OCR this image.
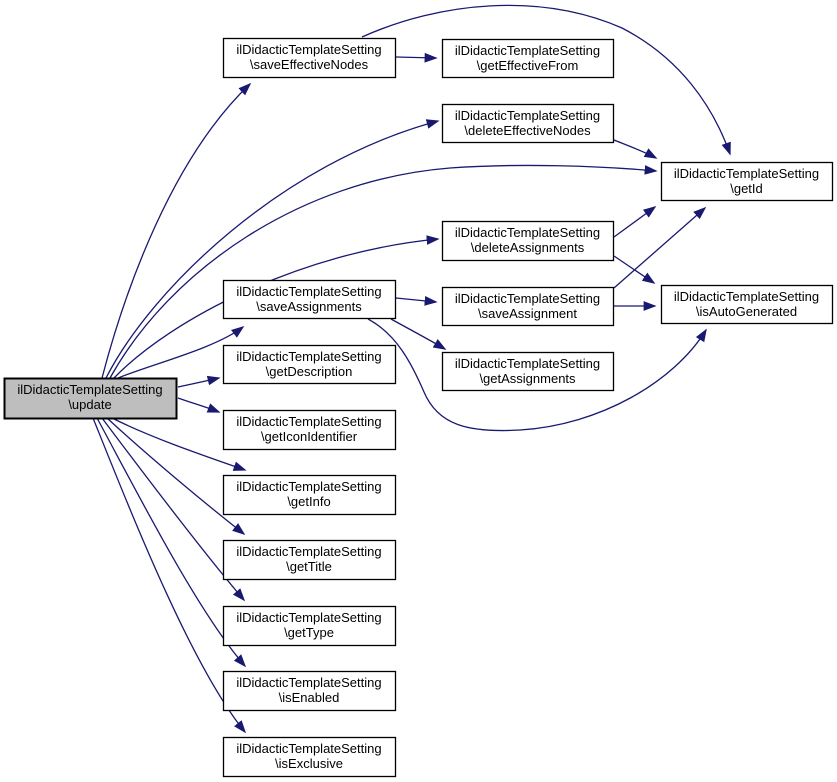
ilDidacticTemplateSetting
\update
ilDidacticTemplateSetting
\saveEffectiveNodes
ilDidacticTemplateSetting
\saveAssignments
ilDidacticTemplateSetting
\getDescription
ilDidacticTemplateSetting
\getIconIdentifier
ilDidacticTemplateSetting
\getInfo
ilDidacticTemplateSetting
\getTitle
ilDidacticTemplateSetting
\getType
ilDidacticTemplateSetting
\isEnabled
ilDidacticTemplateSetting
\isExclusive
ilDidacticTemplateSetting
\getEffectiveFrom
ilDidacticTemplateSetting
\deleteEffectiveNodes
ilDidacticTemplateSetting
\deleteAssignments
ilDidacticTemplateSetting
\saveAssignment
ilDidacticTemplateSetting
\getAssignments
ilDidacticTemplateSetting
\getId
ilDidacticTemplateSetting
\isAutoGenerated
